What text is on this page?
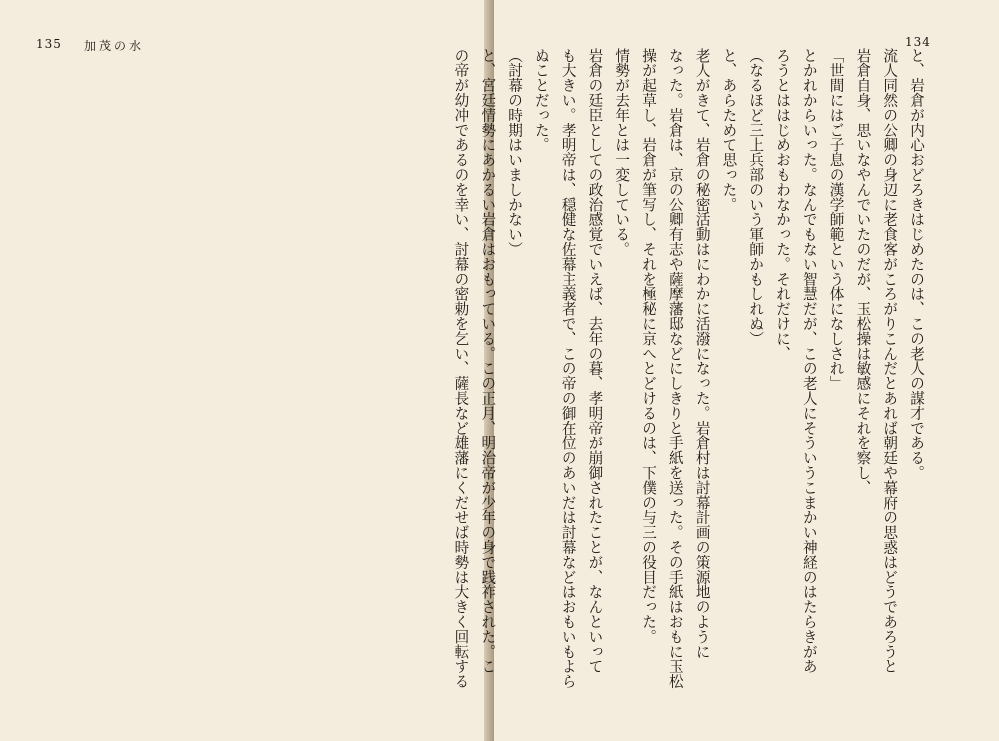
135 加茂の水
と、岩倉が内心おどろきはじめたのは、この老人の謀才である。
流人同然の公卿の身辺に老食客がころがりこんだとあれば朝廷や幕府の思惑はどうであろうと
岩倉自身、思いなやんでいたのだが、玉松操は敏感にそれを察し、
「世間にはご子息の漢学師範という体になしされ」
とかれからいった。なんでもない智慧だが、この老人にそういうこまかい神経のはたらきがあ
ろうとははじめおもわなかった。それだけに、
（なるほど三上兵部のいう軍師かもしれぬ）
と、あらためて思った。
老人がきて、岩倉の秘密活動はにわかに活潑になった。岩倉村は討幕計画の策源地のように
なった。岩倉は、京の公卿有志や薩摩藩邸などにしきりと手紙を送った。その手紙はおもに玉松
操が起草し、岩倉が筆写し、それを極秘に京へとどけるのは、下僕の与三の役目だった。
情勢が去年とは一変している。
岩倉の廷臣としての政治感覚でいえば、去年の暮、孝明帝が崩御されたことが、なんといって
も大きい。孝明帝は、穏健な佐幕主義者で、この帝の御在位のあいだは討幕などはおもいもよら
ぬことだった。
（討幕の時期はいましかない）
と、宮廷情勢にあかるい岩倉はおもっている。この正月、明治帝が少年の身で践祚された。こ
の帝が幼冲であるのを幸い、討幕の密勅を乞い、薩長など雄藩にくだせば時勢は大きく回転する
134
